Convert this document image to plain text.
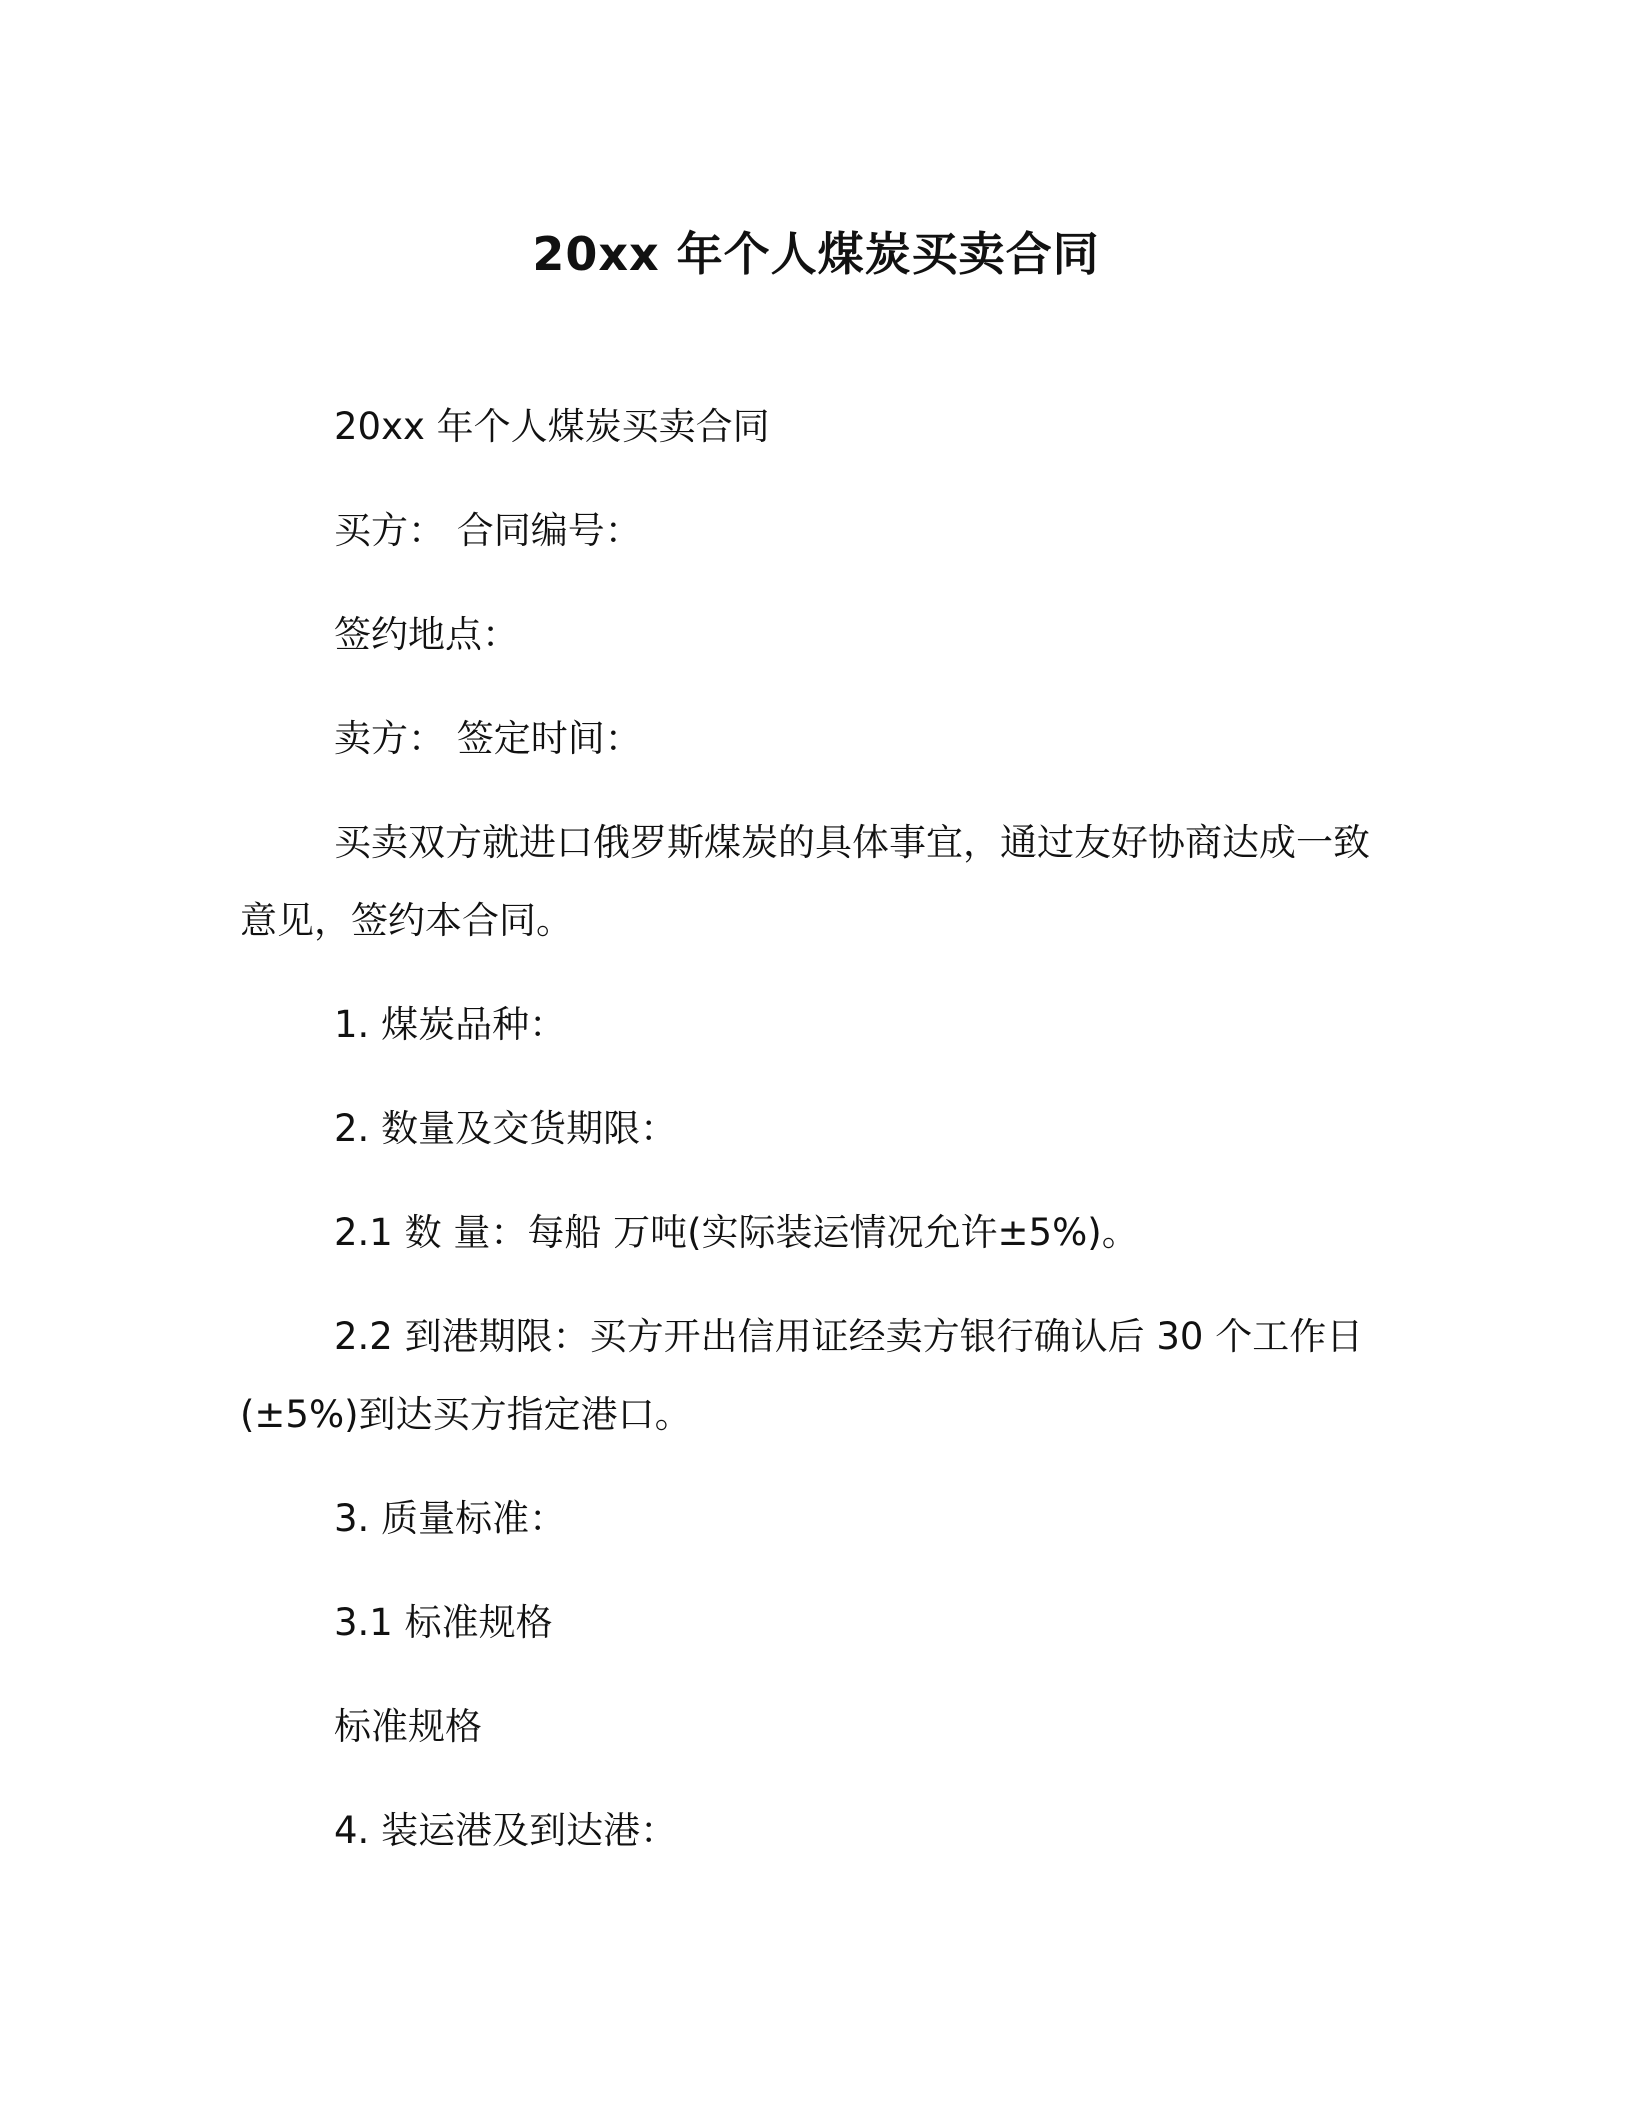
20xx 年个人煤炭买卖合同

20xx 年个人煤炭买卖合同

买方： 合同编号：

签约地点：

卖方： 签定时间：

买卖双方就进口俄罗斯煤炭的具体事宜，通过友好协商达成一致意见，签约本合同。

1. 煤炭品种：

2. 数量及交货期限：

2.1 数 量：每船 万吨(实际装运情况允许±5%)。

2.2 到港期限：买方开出信用证经卖方银行确认后 30 个工作日(±5%)到达买方指定港口。

3. 质量标准：

3.1 标准规格

标准规格

4. 装运港及到达港：
